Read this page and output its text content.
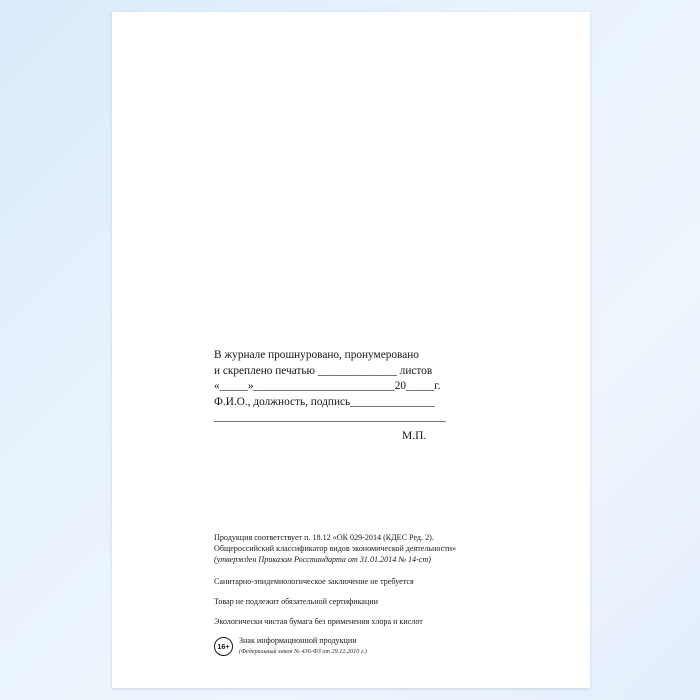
В журнале прошнуровано, пронумеровано
и скреплено печатью ______________ листов
«_____»_________________________20_____г.
Ф.И.О., должность, подпись_______________
_________________________________________
М.П.
Продукция соответствует п. 18.12 «ОК 029-2014 (КДЕС Ред. 2).
Общероссийский классификатор видов экономической деятельности»
(утвержден Приказом Росстандарта от 31.01.2014 № 14-ст)
Санитарно-эпидемиологическое заключение не требуется
Товар не подлежит обязательной сертификации
Экологически чистая бумага без применения хлора и кислот
16+
Знак информационной продукции
(Федеральный закон № 436-ФЗ от 29.12.2010 г.)
